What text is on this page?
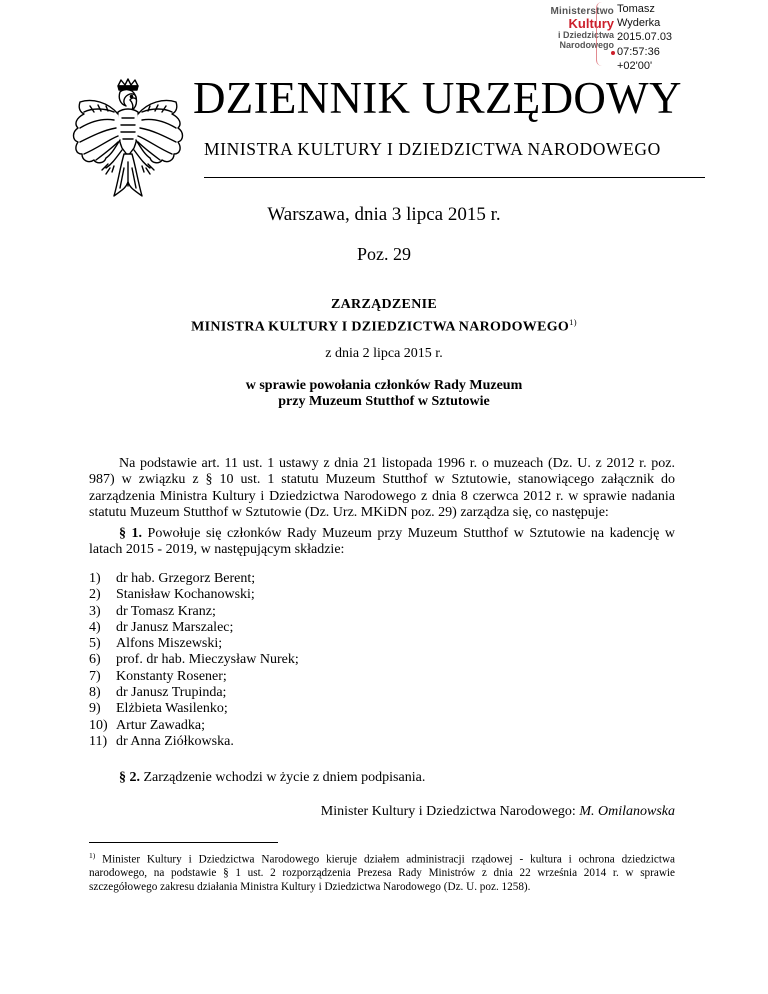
Ministerstwo
Kultury
i Dziedzictwa
Narodowego
Tomasz Wyderka
2015.07.03
07:57:36
+02'00'
DZIENNIK URZĘDOWY
MINISTRA KULTURY I DZIEDZICTWA NARODOWEGO
Warszawa, dnia 3 lipca 2015 r.
Poz. 29
ZARZĄDZENIE
MINISTRA KULTURY I DZIEDZICTWA NARODOWEGO$^{1)}$
z dnia 2 lipca 2015 r.
w sprawie powołania członków Rady Muzeum
przy Muzeum Stutthof w Sztutowie
Na podstawie art. 11 ust. 1 ustawy z dnia 21 listopada 1996 r. o muzeach (Dz. U. z 2012 r. poz. 987) w związku z § 10 ust. 1 statutu Muzeum Stutthof w Sztutowie, stanowiącego załącznik do zarządzenia Ministra Kultury i Dziedzictwa Narodowego z dnia 8 czerwca 2012 r. w sprawie nadania statutu Muzeum Stutthof w Sztutowie (Dz. Urz. MKiDN poz. 29) zarządza się, co następuje:
§ 1. Powołuje się członków Rady Muzeum przy Muzeum Stutthof w Sztutowie na kadencję w latach 2015 - 2019, w następującym składzie:
1)	dr hab. Grzegorz Berent;
2)	Stanisław Kochanowski;
3)	dr Tomasz Kranz;
4)	dr Janusz Marszalec;
5)	Alfons Miszewski;
6)	prof. dr hab. Mieczysław Nurek;
7)	Konstanty Rosener;
8)	dr Janusz Trupinda;
9)	Elżbieta Wasilenko;
10) Artur Zawadka;
11) dr Anna Ziółkowska.
§ 2. Zarządzenie wchodzi w życie z dniem podpisania.
Minister Kultury i Dziedzictwa Narodowego: M. Omilanowska
$^{1)}$ Minister Kultury i Dziedzictwa Narodowego kieruje działem administracji rządowej - kultura i ochrona dziedzictwa narodowego, na podstawie § 1 ust. 2 rozporządzenia Prezesa Rady Ministrów z dnia 22 września 2014 r. w sprawie szczegółowego zakresu działania Ministra Kultury i Dziedzictwa Narodowego (Dz. U. poz. 1258).
